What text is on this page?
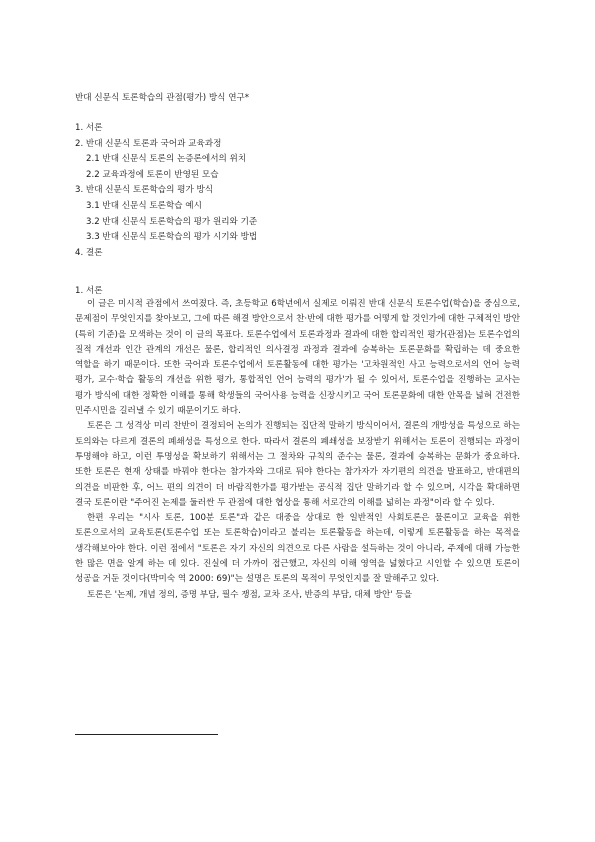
반대 신문식 토론학습의 관점(평가) 방식 연구*
1. 서론
2. 반대 신문식 토론과 국어과 교육과정
2.1 반대 신문식 토론의 논증론에서의 위치
2.2 교육과정에 토론이 반영된 모습
3. 반대 신문식 토론학습의 평가 방식
3.1 반대 신문식 토론학습 예시
3.2 반대 신문식 토론학습의 평가 원리와 기준
3.3 반대 신문식 토론학습의 평가 시기와 방법
4. 결론
1. 서론

이 글은 미시적 관점에서 쓰여졌다. 즉, 초등학교 6학년에서 실제로 이뤄진 반대 신문식 토론수업(학습)을 중심으로, 문제점이 무엇인지를 찾아보고, 그에 따른 해결 방안으로서 찬·반에 대한 평가를 어떻게 할 것인가에 대한 구체적인 방안(특히 기준)을 모색하는 것이 이 글의 목표다. 토론수업에서 토론과정과 결과에 대한 합리적인 평가(관점)는 토론수업의 질적 개선과 인간 관계의 개선은 물론, 합리적인 의사결정 과정과 결과에 승복하는 토론문화를 확립하는 데 중요한 역할을 하기 때문이다. 또한 국어과 토론수업에서 토론활동에 대한 평가는 '고차원적인 사고 능력으로서의 언어 능력 평가, 교수·학습 활동의 개선을 위한 평가, 통합적인 언어 능력의 평가'가 될 수 있어서, 토론수업을 진행하는 교사는 평가 방식에 대한 정확한 이해를 통해 학생들의 국어사용 능력을 신장시키고 국어 토론문화에 대한 안목을 넓혀 건전한 민주시민을 길러낼 수 있기 때문이기도 하다.

토론은 그 성격상 미리 찬반이 결정되어 논의가 진행되는 집단적 말하기 방식이어서, 결론의 개방성을 특성으로 하는 토의와는 다르게 결론의 폐쇄성을 특성으로 한다. 따라서 결론의 폐쇄성을 보장받기 위해서는 토론이 진행되는 과정이 투명해야 하고, 이런 투명성을 확보하기 위해서는 그 절차와 규칙의 준수는 물론, 결과에 승복하는 문화가 중요하다. 또한 토론은 현재 상태를 바꿔야 한다는 참가자와 그대로 둬야 한다는 참가자가 자기편의 의견을 발표하고, 반대편의 의견을 비판한 후, 어느 편의 의견이 더 바람직한가를 평가받는 공식적 집단 말하기라 할 수 있으며, 시각을 확대하면 결국 토론이란 "주어진 논제를 둘러싼 두 관점에 대한 협상을 통해 서로간의 이해를 넓히는 과정"이라 할 수 있다.

한편 우리는 "시사 토론, 100분 토론"과 같은 대중을 상대로 한 일반적인 사회토론은 물론이고 교육을 위한 토론으로서의 교육토론(토론수업 또는 토론학습)이라고 불리는 토론활동을 하는데, 이렇게 토론활동을 하는 목적을 생각해보아야 한다. 이런 점에서 "토론은 자기 자신의 의견으로 다른 사람을 설득하는 것이 아니라, 주제에 대해 가능한 한 많은 면을 알게 하는 데 있다. 진실에 더 가까이 접근했고, 자신의 이해 영역을 넓혔다고 시인할 수 있으면 토론이 성공을 거둔 것이다(박미숙 역 2000: 69)"는 설명은 토론의 목적이 무엇인지를 잘 말해주고 있다.

토론은 '논제, 개념 정의, 증명 부담, 필수 쟁점, 교차 조사, 반증의 부담, 대체 방안' 등을
